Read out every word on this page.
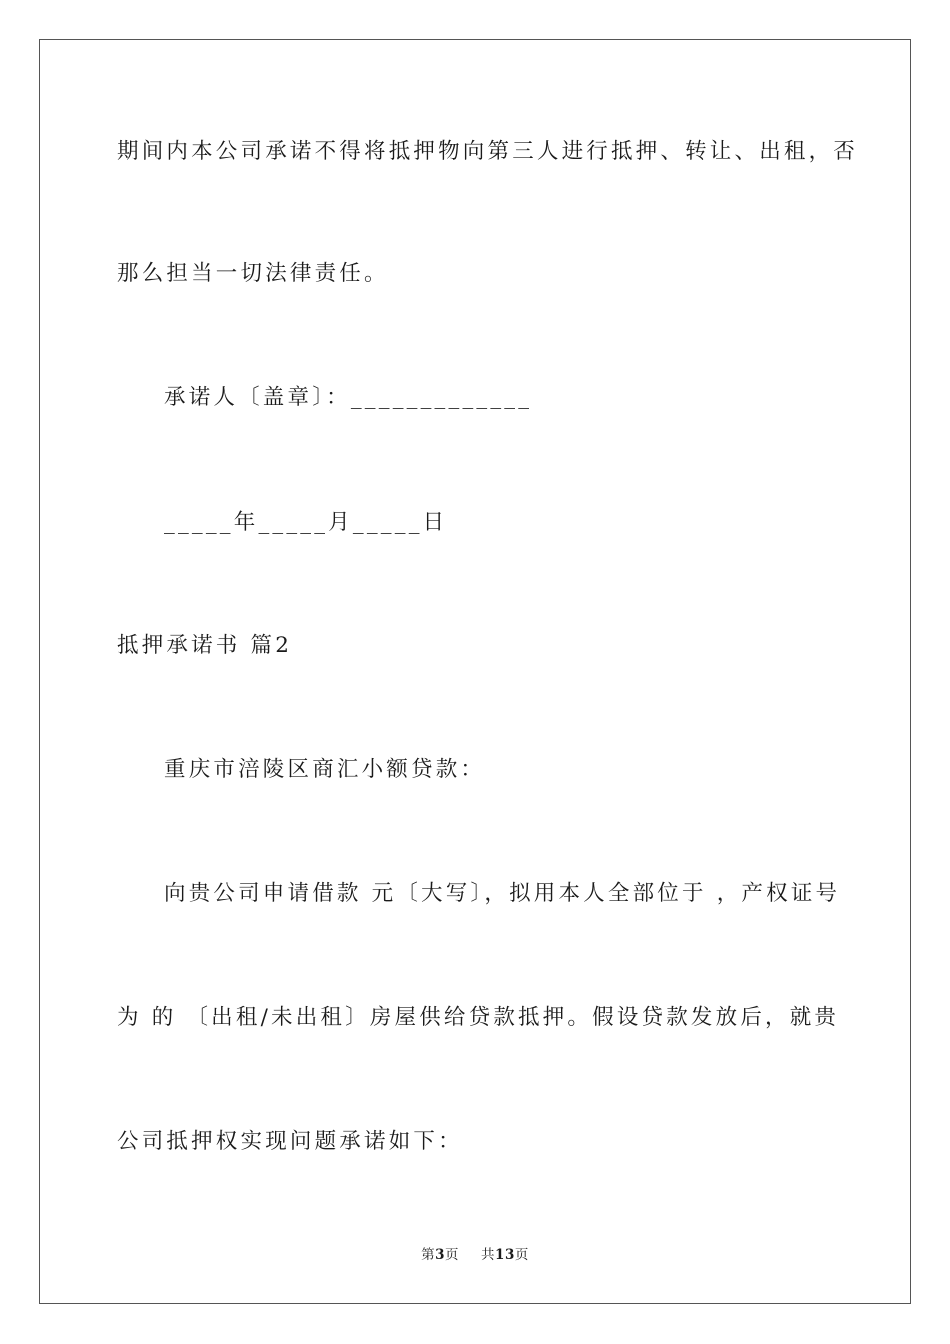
期间内本公司承诺不得将抵押物向第三人进行抵押、转让、出租，否
那么担当一切法律责任。
承诺人〔盖章〕：_____________
_____年_____月_____日
抵押承诺书 篇2
重庆市涪陵区商汇小额贷款：
向贵公司申请借款 元〔大写〕，拟用本人全部位于 ，产权证号
为 的 〔出租/未出租〕房屋供给贷款抵押。假设贷款发放后，就贵
公司抵押权实现问题承诺如下：
第3页 共13页
